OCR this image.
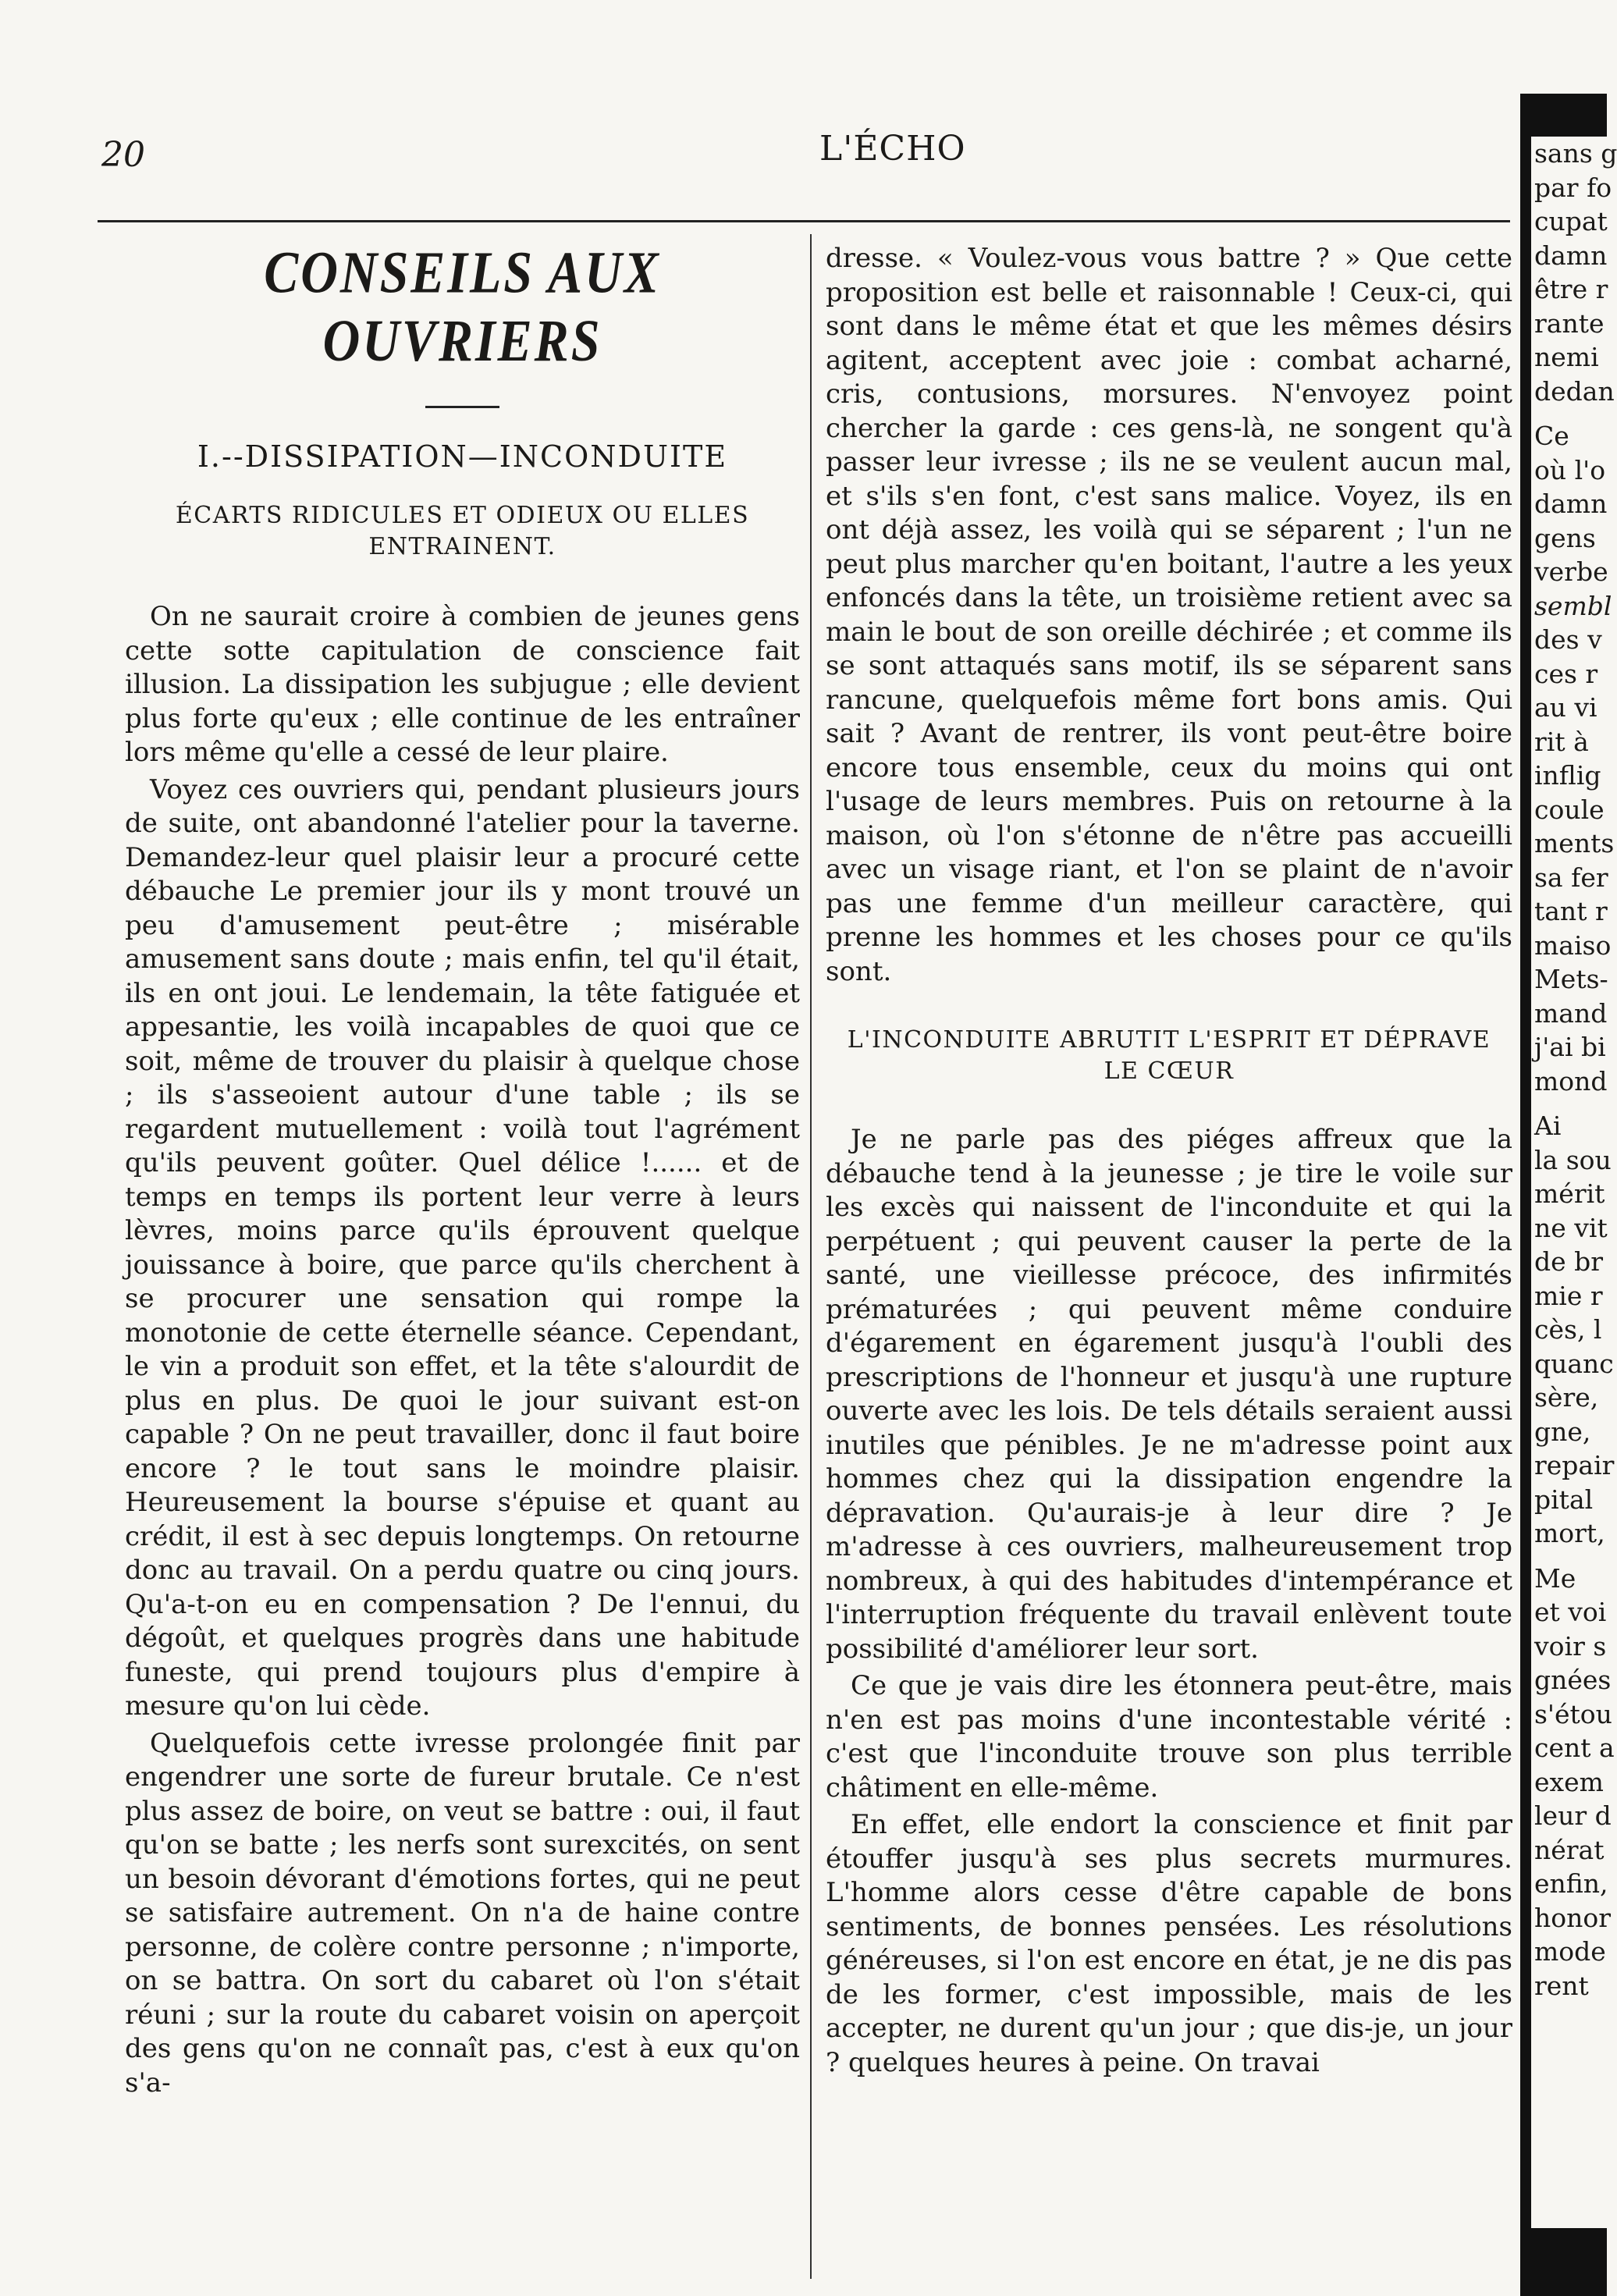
20	L'ÉCHO
CONSEILS AUX OUVRIERS
I.--DISSIPATION—INCONDUITE
ÉCARTS RIDICULES ET ODIEUX OU ELLES ENTRAINENT.

On ne saurait croire à combien de jeunes gens cette sotte capitulation de conscience fait illusion. La dissipation les subjugue ; elle devient plus forte qu'eux ; elle continue de les entraîner lors même qu'elle a cessé de leur plaire.

Voyez ces ouvriers qui, pendant plusieurs jours de suite, ont abandonné l'atelier pour la taverne. Demandez-leur quel plaisir leur a procuré cette débauche Le premier jour ils y mont trouvé un peu d'amusement peut-être ; misérable amusement sans doute ; mais enfin, tel qu'il était, ils en ont joui. Le lendemain, la tête fatiguée et appesantie, les voilà incapables de quoi que ce soit, même de trouver du plaisir à quelque chose ; ils s'asseoient autour d'une table ; ils se regardent mutuellement : voilà tout l'agrément qu'ils peuvent goûter. Quel délice !...... et de temps en temps ils portent leur verre à leurs lèvres, moins parce qu'ils éprouvent quelque jouissance à boire, que parce qu'ils cherchent à se procurer une sensation qui rompe la monotonie de cette éternelle séance. Cependant, le vin a produit son effet, et la tête s'alourdit de plus en plus. De quoi le jour suivant est-on capable ? On ne peut travailler, donc il faut boire encore ? le tout sans le moindre plaisir. Heureusement la bourse s'épuise et quant au crédit, il est à sec depuis longtemps. On retourne donc au travail. On a perdu quatre ou cinq jours. Qu'a-t-on eu en compensation ? De l'ennui, du dégoût, et quelques progrès dans une habitude funeste, qui prend toujours plus d'empire à mesure qu'on lui cède.

Quelquefois cette ivresse prolongée finit par engendrer une sorte de fureur brutale. Ce n'est plus assez de boire, on veut se battre : oui, il faut qu'on se batte ; les nerfs sont surexcités, on sent un besoin dévorant d'émotions fortes, qui ne peut se satisfaire autrement. On n'a de haine contre personne, de colère contre personne ; n'importe, on se battra. On sort du cabaret où l'on s'était réuni ; sur la route du cabaret voisin on aperçoit des gens qu'on ne connaît pas, c'est à eux qu'on s'a-

dresse. « Voulez-vous vous battre ? » Que cette proposition est belle et raisonnable ! Ceux-ci, qui sont dans le même état et que les mêmes désirs agitent, acceptent avec joie : combat acharné, cris, contusions, morsures. N'envoyez point chercher la garde : ces gens-là, ne songent qu'à passer leur ivresse ; ils ne se veulent aucun mal, et s'ils s'en font, c'est sans malice. Voyez, ils en ont déjà assez, les voilà qui se séparent ; l'un ne peut plus marcher qu'en boitant, l'autre a les yeux enfoncés dans la tête, un troisième retient avec sa main le bout de son oreille déchirée ; et comme ils se sont attaqués sans motif, ils se séparent sans rancune, quelquefois même fort bons amis. Qui sait ? Avant de rentrer, ils vont peut-être boire encore tous ensemble, ceux du moins qui ont l'usage de leurs membres. Puis on retourne à la maison, où l'on s'étonne de n'être pas accueilli avec un visage riant, et l'on se plaint de n'avoir pas une femme d'un meilleur caractère, qui prenne les hommes et les choses pour ce qu'ils sont.

L'INCONDUITE ABRUTIT L'ESPRIT ET DÉPRAVE LE CŒUR

Je ne parle pas des piéges affreux que la débauche tend à la jeunesse ; je tire le voile sur les excès qui naissent de l'inconduite et qui la perpétuent ; qui peuvent causer la perte de la santé, une vieillesse précoce, des infirmités prématurées ; qui peuvent même conduire d'égarement en égarement jusqu'à l'oubli des prescriptions de l'honneur et jusqu'à une rupture ouverte avec les lois. De tels détails seraient aussi inutiles que pénibles. Je ne m'adresse point aux hommes chez qui la dissipation engendre la dépravation. Qu'aurais-je à leur dire ? Je m'adresse à ces ouvriers, malheureusement trop nombreux, à qui des habitudes d'intempérance et l'interruption fréquente du travail enlèvent toute possibilité d'améliorer leur sort.

Ce que je vais dire les étonnera peut-être, mais n'en est pas moins d'une incontestable vérité : c'est que l'inconduite trouve son plus terrible châtiment en elle-même.

En effet, elle endort la conscience et finit par étouffer jusqu'à ses plus secrets murmures. L'homme alors cesse d'être capable de bons sentiments, de bonnes pensées. Les résolutions généreuses, si l'on est encore en état, je ne dis pas de les former, c'est impossible, mais de les accepter, ne durent qu'un jour ; que dis-je, un jour ? quelques heures à peine. On travai

sans g
par fo
cupat
damn
être r
rante
nemi
dedan
Ce
où l'o
damn
gens
verbe
sembl
des v
ces r
au vi
rit à
inflig
coule
ments
sa fer
tant r
maiso
Mets-
mand
j'ai bi
mond
Ai
la sou
mérit
ne vit
de br
mie r
cès, l
quanc
sère,
gne,
repair
pital
mort,
Me
et voi
voir s
gnées
s'étou
cent a
exem
leur d
nérat
enfin,
honor
mode
rent
